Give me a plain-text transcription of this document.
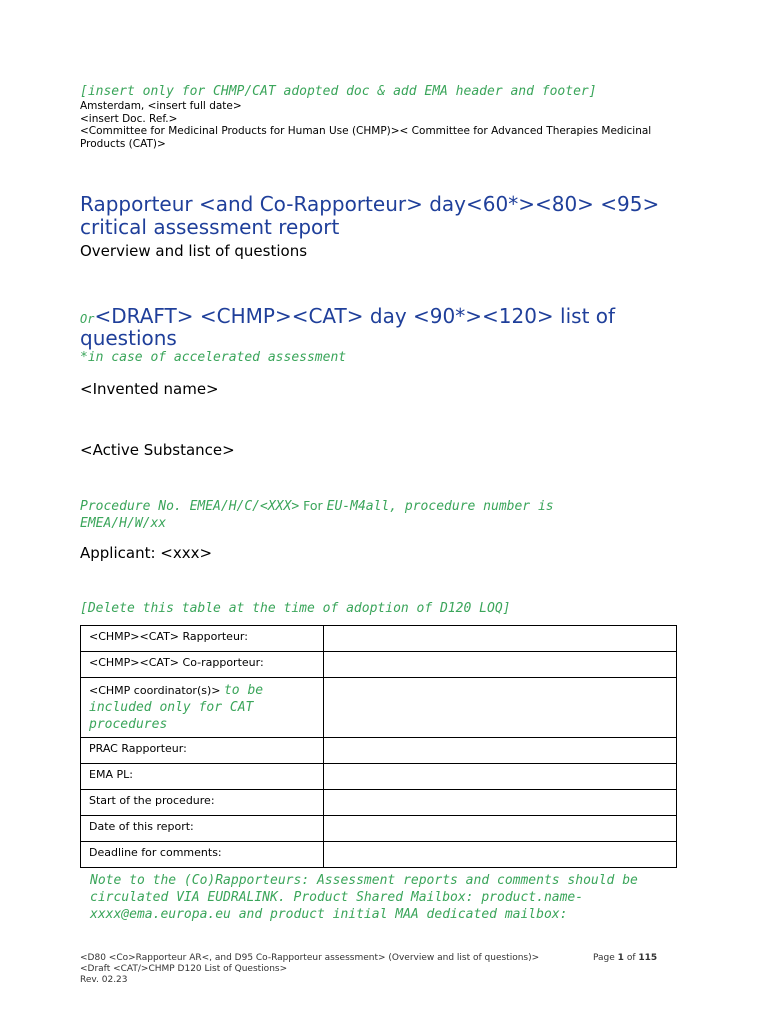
[insert only for CHMP/CAT adopted doc & add EMA header and footer]
Amsterdam, <insert full date>
<insert Doc. Ref.>
<Committee for Medicinal Products for Human Use (CHMP)>< Committee for Advanced Therapies Medicinal Products (CAT)>
Rapporteur <and Co-Rapporteur> day<60*><80> <95>
critical assessment report
Overview and list of questions
Or<DRAFT> <CHMP><CAT> day <90*><120> list of
questions
*in case of accelerated assessment
<Invented name>
<Active Substance>
Procedure No. EMEA/H/C/<XXX> For EU-M4all, procedure number is
EMEA/H/W/xx
Applicant: <xxx>
[Delete this table at the time of adoption of D120 LOQ]
<CHMP><CAT> Rapporteur:	
<CHMP><CAT> Co-rapporteur:	
<CHMP coordinator(s)> to be included only for CAT procedures	
PRAC Rapporteur:	
EMA PL:	
Start of the procedure:	
Date of this report:	
Deadline for comments:	
Note to the (Co)Rapporteurs: Assessment reports and comments should be
circulated VIA EUDRALINK. Product Shared Mailbox: product.name-
xxxx@ema.europa.eu and product initial MAA dedicated mailbox:
<D80 <Co>Rapporteur AR<, and D95 Co-Rapporteur assessment> (Overview and list of questions)>
<Draft <CAT/>CHMP D120 List of Questions>
Rev. 02.23
Page 1 of 115
